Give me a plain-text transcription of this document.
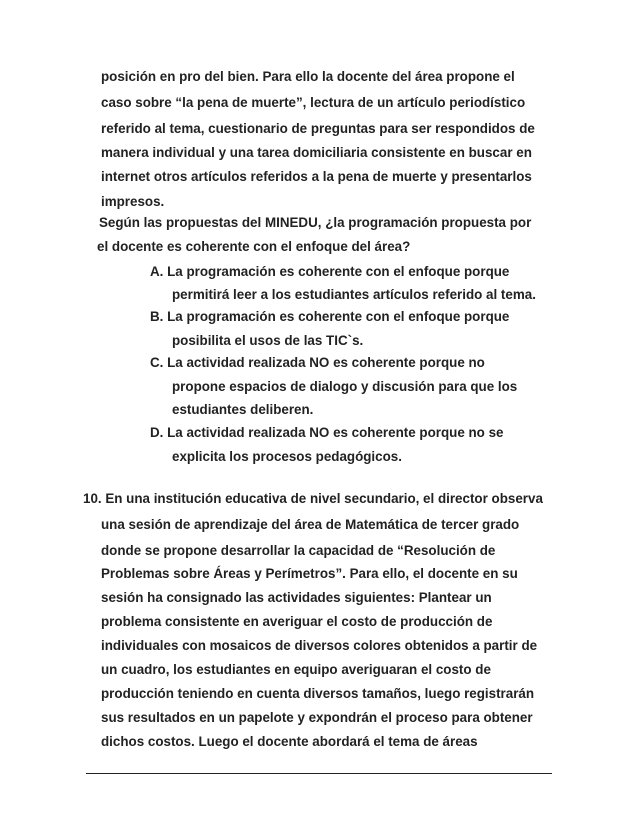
posición en pro del bien. Para ello la docente del área propone el

caso sobre “la pena de muerte”, lectura de un artículo periodístico

referido al tema, cuestionario de preguntas para ser respondidos de

manera individual y una tarea domiciliaria consistente en buscar en

internet otros artículos referidos a la pena de muerte y presentarlos

impresos.

Según las propuestas del MINEDU, ¿la programación propuesta por

el docente es coherente con el enfoque del área?

A. La programación es coherente con el enfoque porque

permitirá leer a los estudiantes artículos referido al tema.

B. La programación es coherente con el enfoque porque

posibilita el usos de las TIC`s.

C. La actividad realizada NO es coherente porque no

propone espacios de dialogo y discusión para que los

estudiantes deliberen.

D. La actividad realizada NO es coherente porque no se

explicita los procesos pedagógicos.

10. En una institución educativa de nivel secundario, el director observa

una sesión de aprendizaje del área de Matemática de tercer grado

donde se propone desarrollar la capacidad de “Resolución de

Problemas sobre Áreas y Perímetros”. Para ello, el docente en su

sesión ha consignado las actividades siguientes: Plantear un

problema consistente en averiguar el costo de producción de

individuales con mosaicos de diversos colores obtenidos a partir de

un cuadro, los estudiantes en equipo averiguaran el costo de

producción teniendo en cuenta diversos tamaños, luego registrarán

sus resultados en un papelote y expondrán el proceso para obtener

dichos costos. Luego el docente abordará el tema de áreas
